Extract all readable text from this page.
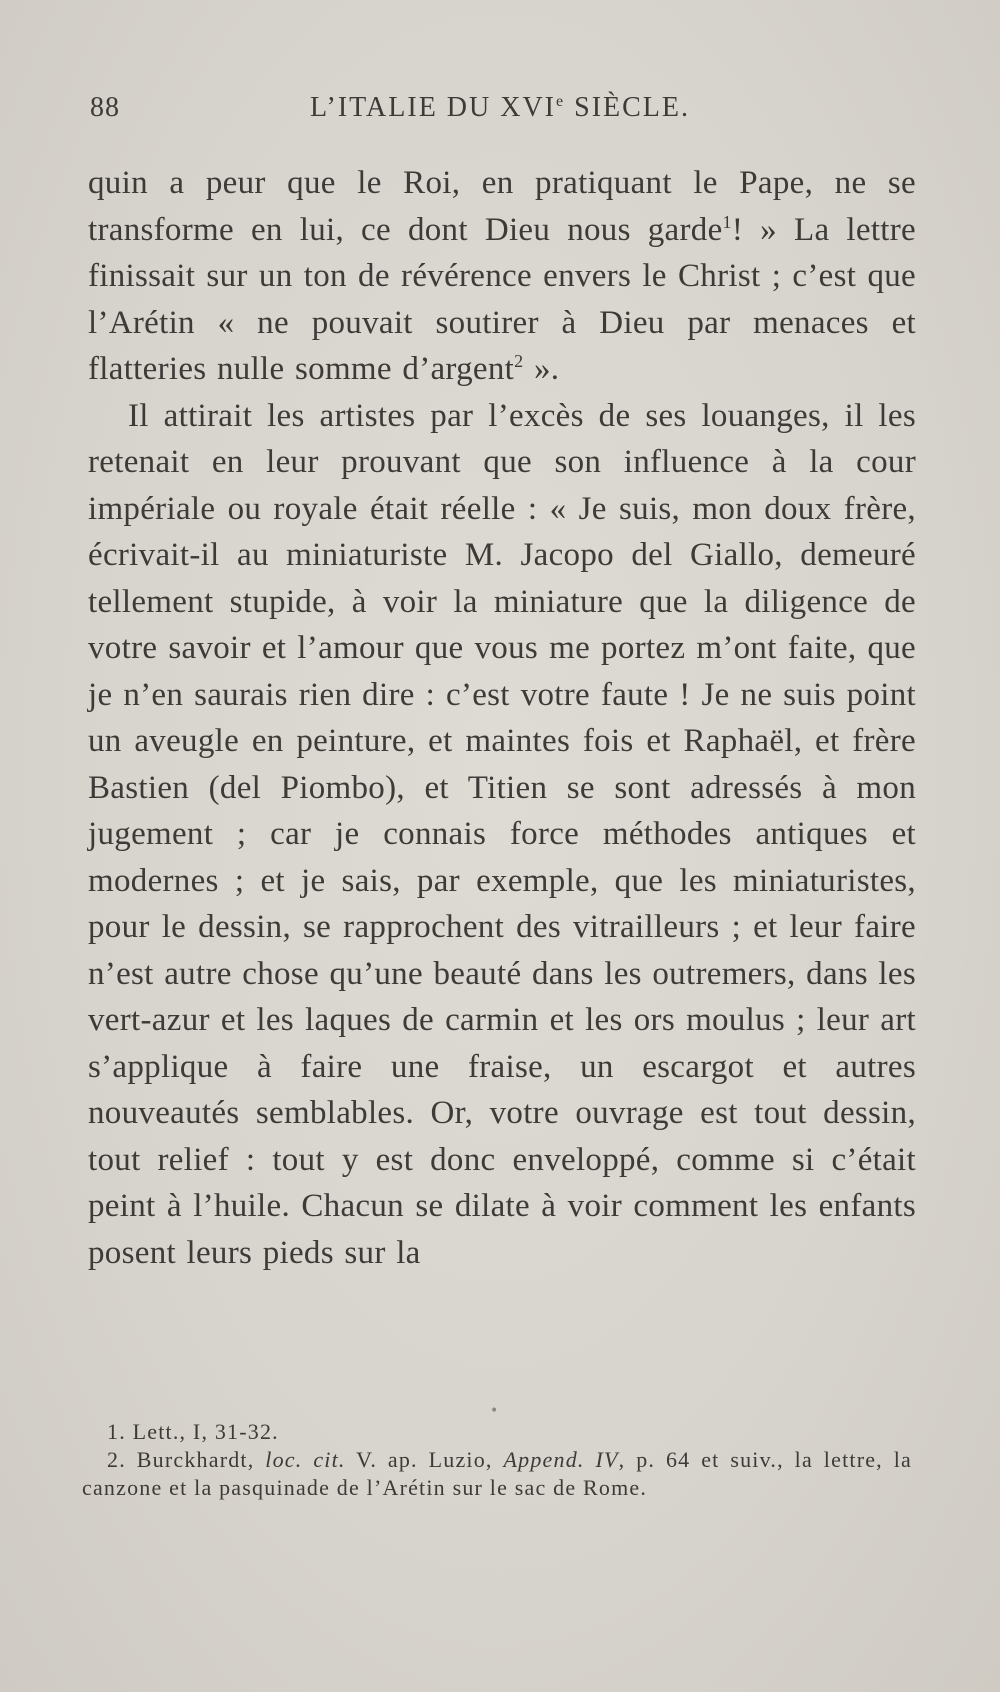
88	L’ITALIE DU XVIe SIÈCLE.

quin a peur que le Roi, en pratiquant le Pape, ne se transforme en lui, ce dont Dieu nous garde$^1$! » La lettre finissait sur un ton de révérence envers le Christ ; c’est que l’Arétin « ne pouvait soutirer à Dieu par menaces et flatteries nulle somme d’argent$^2$ ».

Il attirait les artistes par l’excès de ses louanges, il les retenait en leur prouvant que son influence à la cour impériale ou royale était réelle : « Je suis, mon doux frère, écrivait-il au miniaturiste M. Jacopo del Giallo, demeuré tellement stupide, à voir la miniature que la diligence de votre savoir et l’amour que vous me portez m’ont faite, que je n’en saurais rien dire : c’est votre faute ! Je ne suis point un aveugle en peinture, et maintes fois et Raphaël, et frère Bastien (del Piombo), et Titien se sont adressés à mon jugement ; car je connais force méthodes antiques et modernes ; et je sais, par exemple, que les miniaturistes, pour le dessin, se rapprochent des vitrailleurs ; et leur faire n’est autre chose qu’une beauté dans les outremers, dans les vert-azur et les laques de carmin et les ors moulus ; leur art s’applique à faire une fraise, un escargot et autres nouveautés semblables. Or, votre ouvrage est tout dessin, tout relief : tout y est donc enveloppé, comme si c’était peint à l’huile. Chacun se dilate à voir comment les enfants posent leurs pieds sur la

•

1. Lett., I, 31-32.

2. Burckhardt, loc. cit. V. ap. Luzio, Append. IV, p. 64 et suiv., la lettre, la canzone et la pasquinade de l’Arétin sur le sac de Rome.
